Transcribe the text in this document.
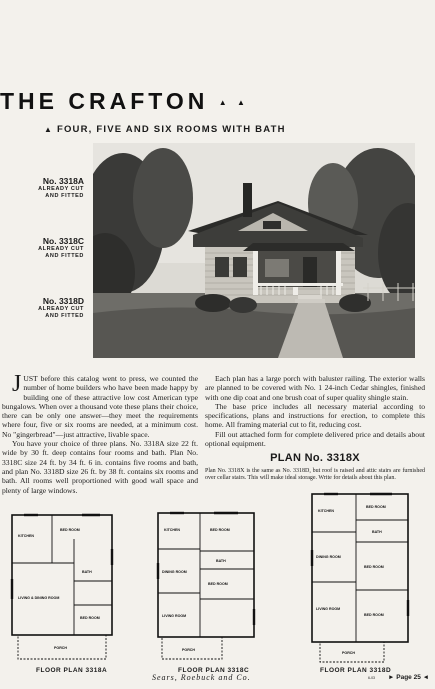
THE CRAFTON ▲ ▲
▲ FOUR, FIVE AND SIX ROOMS WITH BATH
No. 3318A
ALREADY CUT
AND FITTED
No. 3318C
ALREADY CUT
AND FITTED
No. 3318D
ALREADY CUT
AND FITTED

JUST before this catalog went to press, we counted the number of home builders who have been made happy by building one of these attractive low cost American type bungalows. When over a thousand vote these plans their choice, there can be only one answer—they meet the requirements where four, five or six rooms are needed, at a minimum cost. No "gingerbread"—just attractive, livable space.

You have your choice of three plans. No. 3318A size 22 ft. wide by 30 ft. deep contains four rooms and bath. Plan No. 3318C size 24 ft. by 34 ft. 6 in. contains five rooms and bath, and plan No. 3318D size 26 ft. by 38 ft. contains six rooms and bath. All rooms well proportioned with good wall space and plenty of large windows.

Each plan has a large porch with baluster railing. The exterior walls are planned to be covered with No. 1 24-inch Cedar shingles, finished with one dip coat and one brush coat of super quality shingle stain.

The base price includes all necessary material according to specifications, plans and instructions for erection, to complete this home. All framing material cut to fit, reducing cost.

Fill out attached form for complete delivered price and details about optional equipment.

PLAN No. 3318X
Plan No. 3318X is the same as No. 3318D, but roof is raised and attic stairs are furnished over cellar stairs. This will make ideal storage. Write for details about this plan.
BED ROOM
KITCHEN
BATH
LIVING & DINING ROOM
BED ROOM
PORCH
FLOOR PLAN 3318A
KITCHEN	BED ROOM
BATH
DINING ROOM
LIVING ROOM
BED ROOM
PORCH
FLOOR PLAN 3318C
KITCHEN
BED ROOM
BATH
DINING ROOM
BED ROOM
LIVING ROOM
BED ROOM
PORCH
FLOOR PLAN 3318D
Sears, Roebuck and Co.	6-03 ► Page 25 ◄
